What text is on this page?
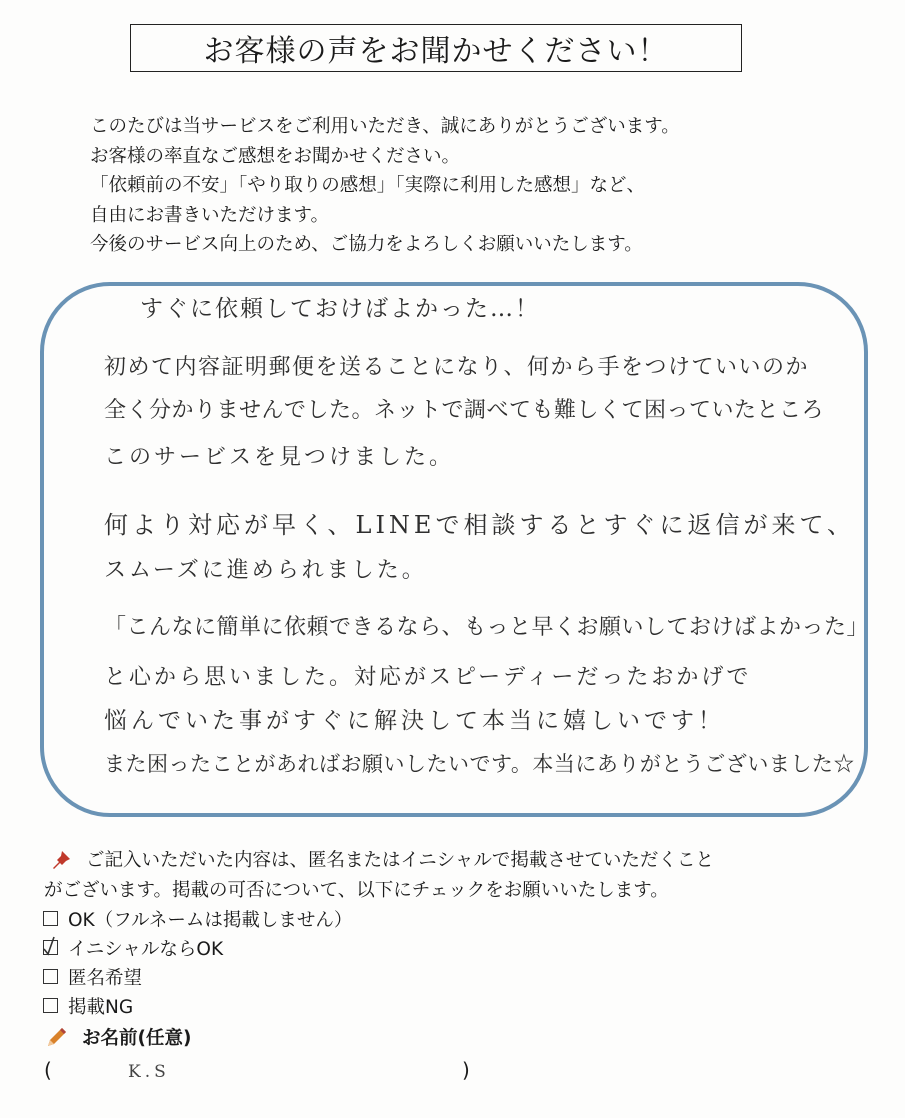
お客様の声をお聞かせください！
このたびは当サービスをご利用いただき、誠にありがとうございます。
お客様の率直なご感想をお聞かせください。
「依頼前の不安」「やり取りの感想」「実際に利用した感想」など、
自由にお書きいただけます。
今後のサービス向上のため、ご協力をよろしくお願いいたします。
すぐに依頼しておけばよかった…！
初めて内容証明郵便を送ることになり、何から手をつけていいのか
全く分かりませんでした。ネットで調べても難しくて困っていたところ
このサービスを見つけました。
何より対応が早く、LINEで相談するとすぐに返信が来て、
スムーズに進められました。
「こんなに簡単に依頼できるなら、もっと早くお願いしておけばよかった」
と心から思いました。対応がスピーディーだったおかげで
悩んでいた事がすぐに解決して本当に嬉しいです！
また困ったことがあればお願いしたいです。本当にありがとうございました☆
ご記入いただいた内容は、匿名またはイニシャルで掲載させていただくこと
がございます。掲載の可否について、以下にチェックをお願いいたします。
OK（フルネームは掲載しません）
イニシャルならOK
匿名希望
掲載NG
お名前(任意)
(	K.S	)
